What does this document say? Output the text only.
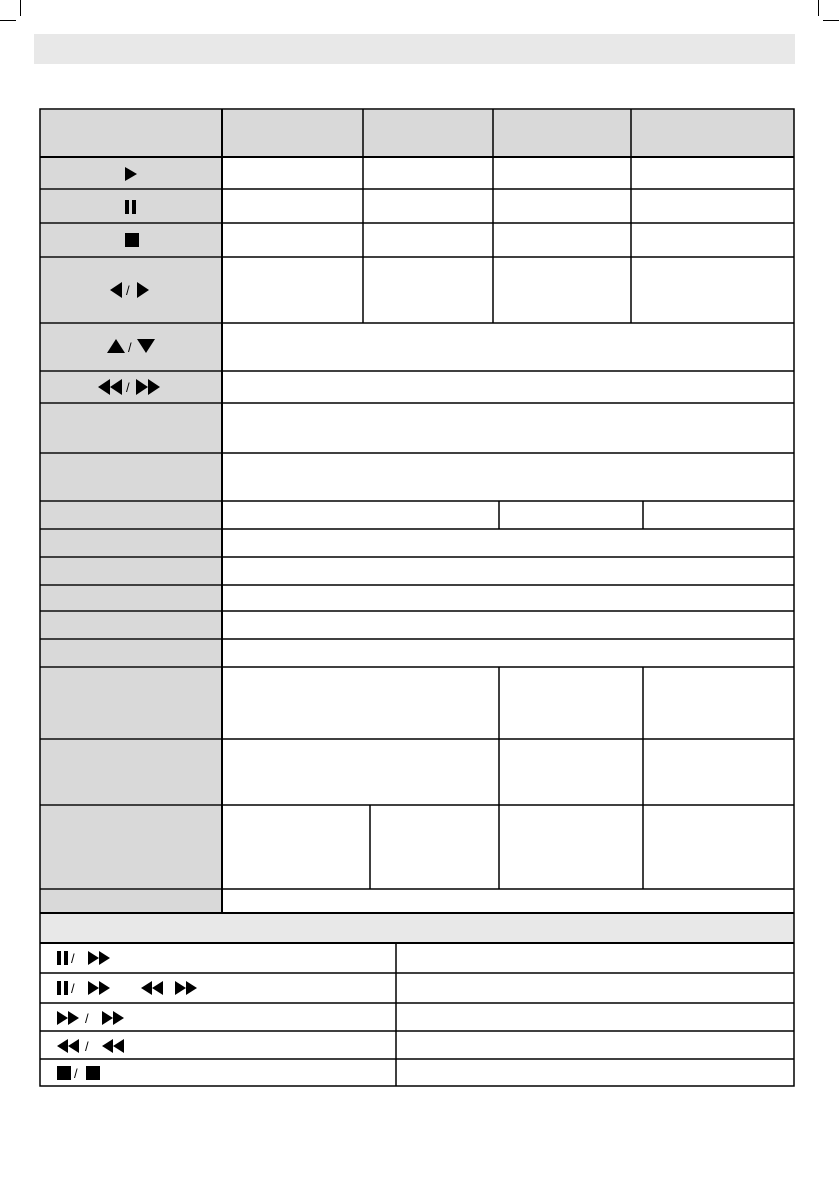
/
/
/
/
/
/
/
/
